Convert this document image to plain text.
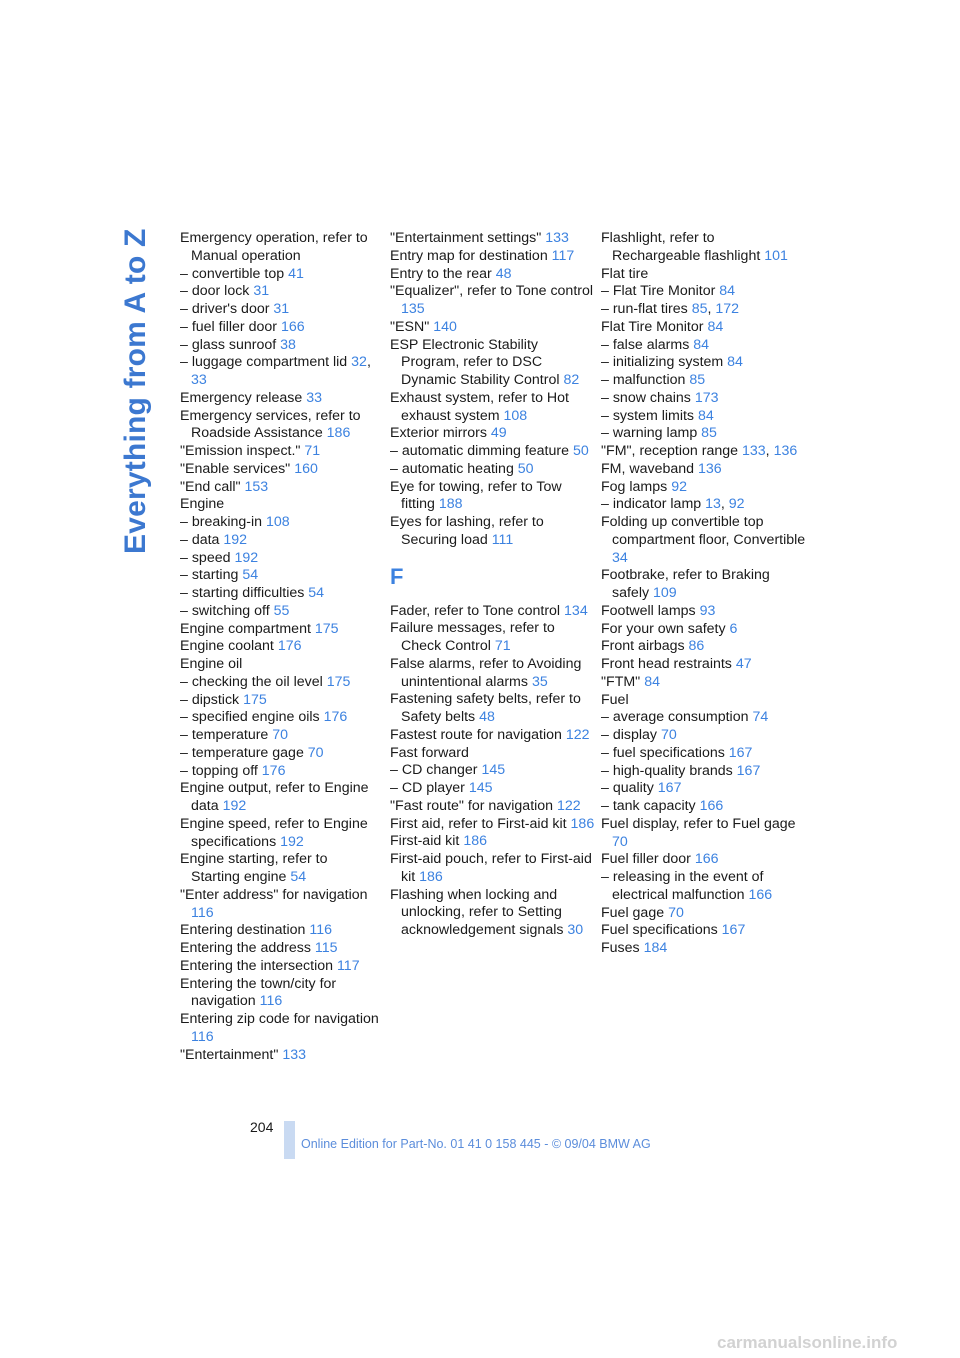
Everything from A to Z Emergency operation, refer to Manual operation
– convertible top 41
– door lock 31
– driver's door 31
– fuel filler door 166
– glass sunroof 38
– luggage compartment lid 32, 33
Emergency release 33
Emergency services, refer to Roadside Assistance 186
"Emission inspect." 71
"Enable services" 160
"End call" 153
Engine
– breaking-in 108
– data 192
– speed 192
– starting 54
– starting difficulties 54
– switching off 55
Engine compartment 175
Engine coolant 176
Engine oil
– checking the oil level 175
– dipstick 175
– specified engine oils 176
– temperature 70
– temperature gage 70
– topping off 176
Engine output, refer to Engine data 192
Engine speed, refer to Engine specifications 192
Engine starting, refer to Starting engine 54
"Enter address" for navigation 116
Entering destination 116
Entering the address 115
Entering the intersection 117
Entering the town/city for navigation 116
Entering zip code for navigation 116
"Entertainment" 133
"Entertainment settings" 133
Entry map for destination 117
Entry to the rear 48
"Equalizer", refer to Tone control 135
"ESN" 140
ESP Electronic Stability Program, refer to DSC Dynamic Stability Control 82
Exhaust system, refer to Hot exhaust system 108
Exterior mirrors 49
– automatic dimming feature 50
– automatic heating 50
Eye for towing, refer to Tow fitting 188
Eyes for lashing, refer to Securing load 111
F
Fader, refer to Tone control 134
Failure messages, refer to Check Control 71
False alarms, refer to Avoiding unintentional alarms 35
Fastening safety belts, refer to Safety belts 48
Fastest route for navigation 122
Fast forward
– CD changer 145
– CD player 145
"Fast route" for navigation 122
First aid, refer to First-aid kit 186
First-aid kit 186
First-aid pouch, refer to First-aid kit 186
Flashing when locking and unlocking, refer to Setting acknowledgement signals 30
Flashlight, refer to Rechargeable flashlight 101
Flat tire
– Flat Tire Monitor 84
– run-flat tires 85, 172
Flat Tire Monitor 84
– false alarms 84
– initializing system 84
– malfunction 85
– snow chains 173
– system limits 84
– warning lamp 85
"FM", reception range 133, 136
FM, waveband 136
Fog lamps 92
– indicator lamp 13, 92
Folding up convertible top compartment floor, Convertible 34
Footbrake, refer to Braking safely 109
Footwell lamps 93
For your own safety 6
Front airbags 86
Front head restraints 47
"FTM" 84
Fuel
– average consumption 74
– display 70
– fuel specifications 167
– high-quality brands 167
– quality 167
– tank capacity 166
Fuel display, refer to Fuel gage 70
Fuel filler door 166
– releasing in the event of electrical malfunction 166
Fuel gage 70
Fuel specifications 167
Fuses 184
204
Online Edition for Part-No. 01 41 0 158 445 - © 09/04 BMW AG
carmanualsonline.info
